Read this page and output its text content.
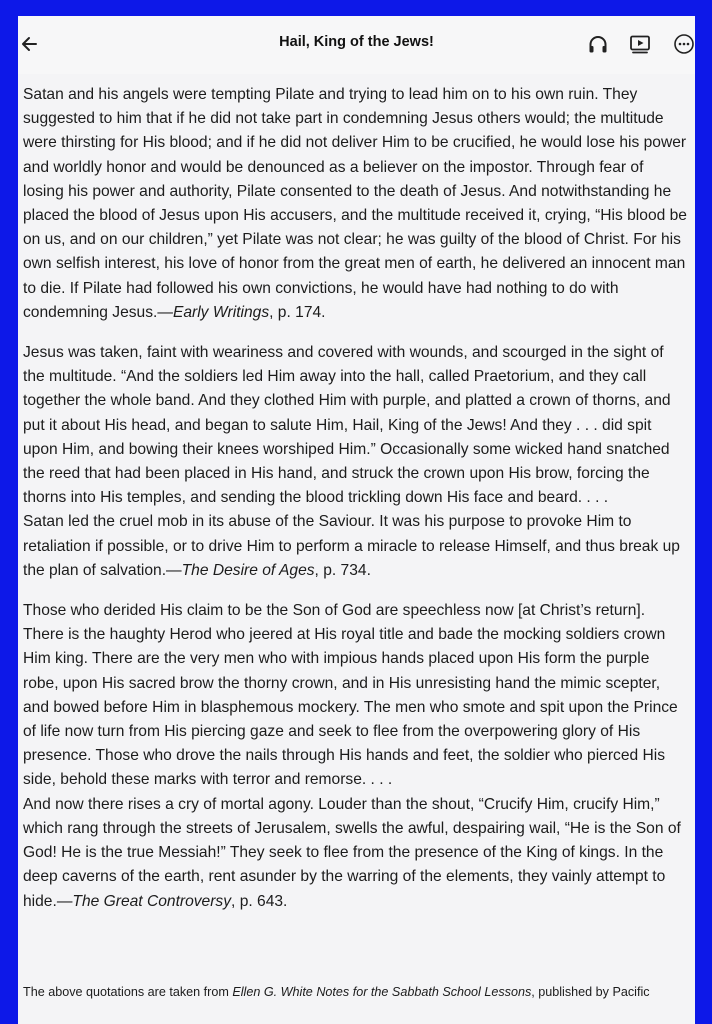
Hail, King of the Jews!

Satan and his angels were tempting Pilate and trying to lead him on to his own ruin. They suggested to him that if he did not take part in condemning Jesus others would; the multitude were thirsting for His blood; and if he did not deliver Him to be crucified, he would lose his power and worldly honor and would be denounced as a believer on the impostor. Through fear of losing his power and authority, Pilate consented to the death of Jesus. And notwithstanding he placed the blood of Jesus upon His accusers, and the multitude received it, crying, “His blood be on us, and on our children,” yet Pilate was not clear; he was guilty of the blood of Christ. For his own selfish interest, his love of honor from the great men of earth, he delivered an innocent man to die. If Pilate had followed his own convictions, he would have had nothing to do with condemning Jesus.—Early Writings, p. 174.

Jesus was taken, faint with weariness and covered with wounds, and scourged in the sight of the multitude. “And the soldiers led Him away into the hall, called Praetorium, and they call together the whole band. And they clothed Him with purple, and platted a crown of thorns, and put it about His head, and began to salute Him, Hail, King of the Jews! And they . . . did spit upon Him, and bowing their knees worshiped Him.” Occasionally some wicked hand snatched the reed that had been placed in His hand, and struck the crown upon His brow, forcing the thorns into His temples, and sending the blood trickling down His face and beard. . . .

Satan led the cruel mob in its abuse of the Saviour. It was his purpose to provoke Him to retaliation if possible, or to drive Him to perform a miracle to release Himself, and thus break up the plan of salvation.—The Desire of Ages, p. 734.

Those who derided His claim to be the Son of God are speechless now [at Christ’s return]. There is the haughty Herod who jeered at His royal title and bade the mocking soldiers crown Him king. There are the very men who with impious hands placed upon His form the purple robe, upon His sacred brow the thorny crown, and in His unresisting hand the mimic scepter, and bowed before Him in blasphemous mockery. The men who smote and spit upon the Prince of life now turn from His piercing gaze and seek to flee from the overpowering glory of His presence. Those who drove the nails through His hands and feet, the soldier who pierced His side, behold these marks with terror and remorse. . . .

And now there rises a cry of mortal agony. Louder than the shout, “Crucify Him, crucify Him,” which rang through the streets of Jerusalem, swells the awful, despairing wail, “He is the Son of God! He is the true Messiah!” They seek to flee from the presence of the King of kings. In the deep caverns of the earth, rent asunder by the warring of the elements, they vainly attempt to hide.—The Great Controversy, p. 643.

The above quotations are taken from Ellen G. White Notes for the Sabbath School Lessons, published by Pacific
